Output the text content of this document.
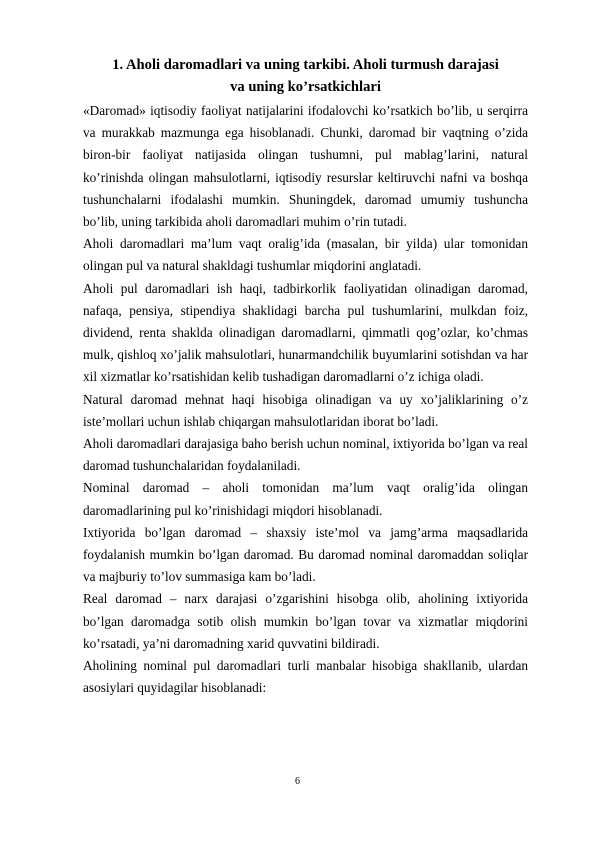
1. Aholi daromadlari va uning tarkibi. Aholi turmush darajasi
va uning ko’rsatkichlari

«Daromad» iqtisodiy faoliyat natijalarini ifodalovchi ko’rsatkich bo’lib, u serqirra va murakkab mazmunga ega hisoblanadi. Chunki, daromad bir vaqtning o’zida biron-bir faoliyat natijasida olingan tushumni, pul mablag’larini, natural ko’rinishda olingan mahsulotlarni, iqtisodiy resurslar keltiruvchi nafni va boshqa tushunchalarni ifodalashi mumkin. Shuningdek, daromad umumiy tushuncha bo’lib, uning tarkibida aholi daromadlari muhim o’rin tutadi.

Aholi daromadlari ma’lum vaqt oralig’ida (masalan, bir yilda) ular tomonidan olingan pul va natural shakldagi tushumlar miqdorini anglatadi.

Aholi pul daromadlari ish haqi, tadbirkorlik faoliyatidan olinadigan daromad, nafaqa, pensiya, stipendiya shaklidagi barcha pul tushumlarini, mulkdan foiz, dividend, renta shaklda olinadigan daromadlarni, qimmatli qog’ozlar, ko’chmas mulk, qishloq xo’jalik mahsulotlari, hunarmandchilik buyumlarini sotishdan va har xil xizmatlar ko’rsatishidan kelib tushadigan daromadlarni o’z ichiga oladi.

Natural daromad mehnat haqi hisobiga olinadigan va uy xo’jaliklarining o’z iste’mollari uchun ishlab chiqargan mahsulotlaridan iborat bo’ladi.

Aholi daromadlari darajasiga baho berish uchun nominal, ixtiyorida bo’lgan va real daromad tushunchalaridan foydalaniladi.

Nominal daromad – aholi tomonidan ma’lum vaqt oralig’ida olingan daromadlarining pul ko’rinishidagi miqdori hisoblanadi.

Ixtiyorida bo’lgan daromad – shaxsiy iste’mol va jamg’arma maqsadlarida foydalanish mumkin bo’lgan daromad. Bu daromad nominal daromaddan soliqlar va majburiy to’lov summasiga kam bo’ladi.

Real daromad – narx darajasi o’zgarishini hisobga olib, aholining ixtiyorida bo’lgan daromadga sotib olish mumkin bo’lgan tovar va xizmatlar miqdorini ko’rsatadi, ya’ni daromadning xarid quvvatini bildiradi.

Aholining nominal pul daromadlari turli manbalar hisobiga shakllanib, ulardan asosiylari quyidagilar hisoblanadi:

6
